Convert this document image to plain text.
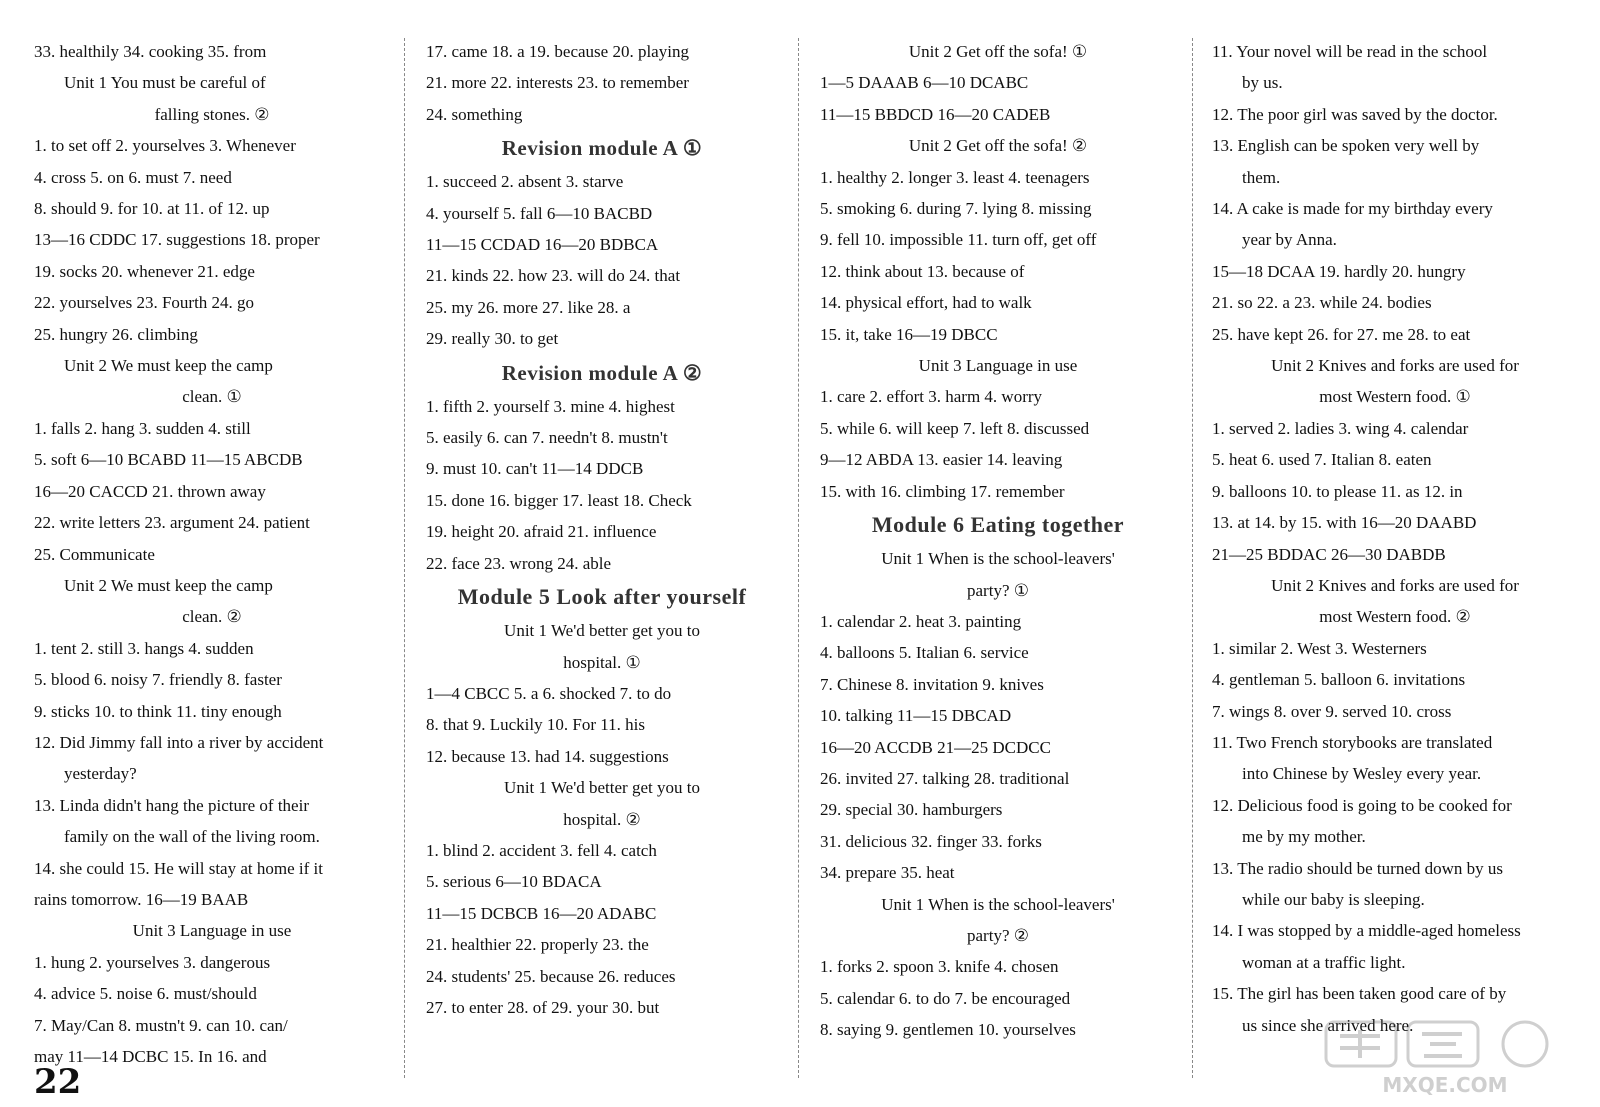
33. healthily 34. cooking 35. from
Unit 1 You must be careful of
falling stones. ②
1. to set off 2. yourselves 3. Whenever
4. cross 5. on 6. must 7. need
8. should 9. for 10. at 11. of 12. up
13—16 CDDC 17. suggestions 18. proper
19. socks 20. whenever 21. edge
22. yourselves 23. Fourth 24. go
25. hungry 26. climbing
Unit 2 We must keep the camp
clean. ①
1. falls 2. hang 3. sudden 4. still
5. soft 6—10 BCABD 11—15 ABCDB
16—20 CACCD 21. thrown away
22. write letters 23. argument 24. patient
25. Communicate
Unit 2 We must keep the camp
clean. ②
1. tent 2. still 3. hangs 4. sudden
5. blood 6. noisy 7. friendly 8. faster
9. sticks 10. to think 11. tiny enough
12. Did Jimmy fall into a river by accident
yesterday?
13. Linda didn't hang the picture of their
family on the wall of the living room.
14. she could 15. He will stay at home if it
rains tomorrow. 16—19 BAAB
Unit 3 Language in use
1. hung 2. yourselves 3. dangerous
4. advice 5. noise 6. must/should
7. May/Can 8. mustn't 9. can 10. can/
may 11—14 DCBC 15. In 16. and
17. came 18. a 19. because 20. playing
21. more 22. interests 23. to remember
24. something
Revision module A ①
1. succeed 2. absent 3. starve
4. yourself 5. fall 6—10 BACBD
11—15 CCDAD 16—20 BDBCA
21. kinds 22. how 23. will do 24. that
25. my 26. more 27. like 28. a
29. really 30. to get
Revision module A ②
1. fifth 2. yourself 3. mine 4. highest
5. easily 6. can 7. needn't 8. mustn't
9. must 10. can't 11—14 DDCB
15. done 16. bigger 17. least 18. Check
19. height 20. afraid 21. influence
22. face 23. wrong 24. able
Module 5 Look after yourself
Unit 1 We'd better get you to
hospital. ①
1—4 CBCC 5. a 6. shocked 7. to do
8. that 9. Luckily 10. For 11. his
12. because 13. had 14. suggestions
Unit 1 We'd better get you to
hospital. ②
1. blind 2. accident 3. fell 4. catch
5. serious 6—10 BDACA
11—15 DCBCB 16—20 ADABC
21. healthier 22. properly 23. the
24. students' 25. because 26. reduces
27. to enter 28. of 29. your 30. but
Unit 2 Get off the sofa! ①
1—5 DAAAB 6—10 DCABC
11—15 BBDCD 16—20 CADEB
Unit 2 Get off the sofa! ②
1. healthy 2. longer 3. least 4. teenagers
5. smoking 6. during 7. lying 8. missing
9. fell 10. impossible 11. turn off, get off
12. think about 13. because of
14. physical effort, had to walk
15. it, take 16—19 DBCC
Unit 3 Language in use
1. care 2. effort 3. harm 4. worry
5. while 6. will keep 7. left 8. discussed
9—12 ABDA 13. easier 14. leaving
15. with 16. climbing 17. remember
Module 6 Eating together
Unit 1 When is the school-leavers'
party? ①
1. calendar 2. heat 3. painting
4. balloons 5. Italian 6. service
7. Chinese 8. invitation 9. knives
10. talking 11—15 DBCAD
16—20 ACCDB 21—25 DCDCC
26. invited 27. talking 28. traditional
29. special 30. hamburgers
31. delicious 32. finger 33. forks
34. prepare 35. heat
Unit 1 When is the school-leavers'
party? ②
1. forks 2. spoon 3. knife 4. chosen
5. calendar 6. to do 7. be encouraged
8. saying 9. gentlemen 10. yourselves
11. Your novel will be read in the school
by us.
12. The poor girl was saved by the doctor.
13. English can be spoken very well by
them.
14. A cake is made for my birthday every
year by Anna.
15—18 DCAA 19. hardly 20. hungry
21. so 22. a 23. while 24. bodies
25. have kept 26. for 27. me 28. to eat
Unit 2 Knives and forks are used for
most Western food. ①
1. served 2. ladies 3. wing 4. calendar
5. heat 6. used 7. Italian 8. eaten
9. balloons 10. to please 11. as 12. in
13. at 14. by 15. with 16—20 DAABD
21—25 BDDAC 26—30 DABDB
Unit 2 Knives and forks are used for
most Western food. ②
1. similar 2. West 3. Westerners
4. gentleman 5. balloon 6. invitations
7. wings 8. over 9. served 10. cross
11. Two French storybooks are translated
into Chinese by Wesley every year.
12. Delicious food is going to be cooked for
me by my mother.
13. The radio should be turned down by us
while our baby is sleeping.
14. I was stopped by a middle-aged homeless
woman at a traffic light.
15. The girl has been taken good care of by
us since she arrived here.
22	MXQE.COM
